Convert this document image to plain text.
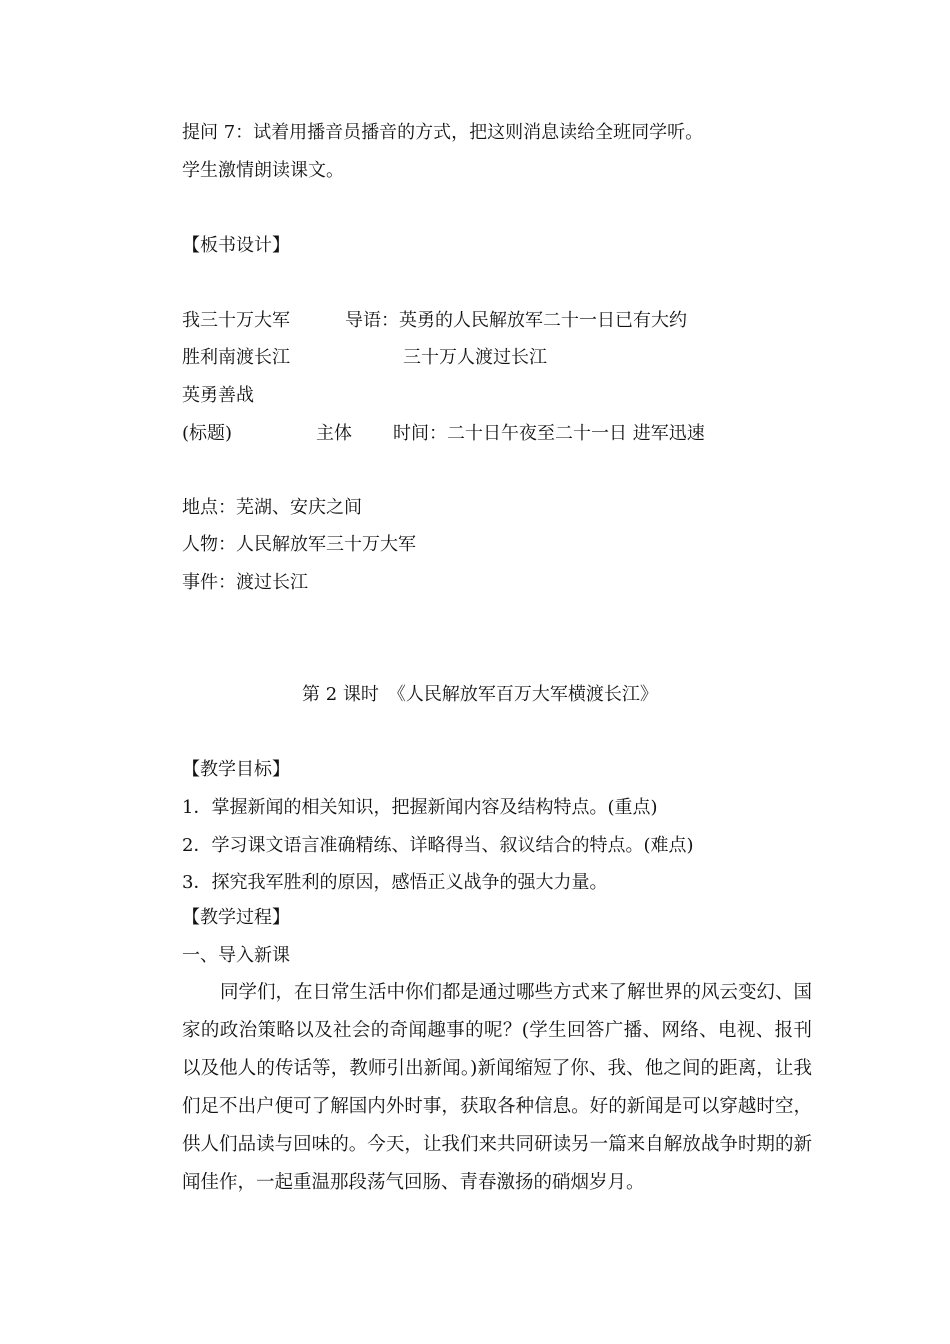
提问 7：试着用播音员播音的方式，把这则消息读给全班同学听。
学生激情朗读课文。
【板书设计】
我三十万大军	导语：英勇的人民解放军二十一日已有大约
胜利南渡长江	三十万人渡过长江
英勇善战
(标题)	主体 时间：二十日午夜至二十一日 进军迅速
地点：芜湖、安庆之间
人物：人民解放军三十万大军
事件：渡过长江
第 2 课时　《人民解放军百万大军横渡长江》
【教学目标】
1．掌握新闻的相关知识，把握新闻内容及结构特点。(重点)
2．学习课文语言准确精练、详略得当、叙议结合的特点。(难点)
3．探究我军胜利的原因，感悟正义战争的强大力量。
【教学过程】
一、导入新课

同学们，在日常生活中你们都是通过哪些方式来了解世界的风云变幻、国家的政治策略以及社会的奇闻趣事的呢？(学生回答广播、网络、电视、报刊以及他人的传话等，教师引出新闻。)新闻缩短了你、我、他之间的距离，让我们足不出户便可了解国内外时事，获取各种信息。好的新闻是可以穿越时空，供人们品读与回味的。今天，让我们来共同研读另一篇来自解放战争时期的新闻佳作，一起重温那段荡气回肠、青春激扬的硝烟岁月。
